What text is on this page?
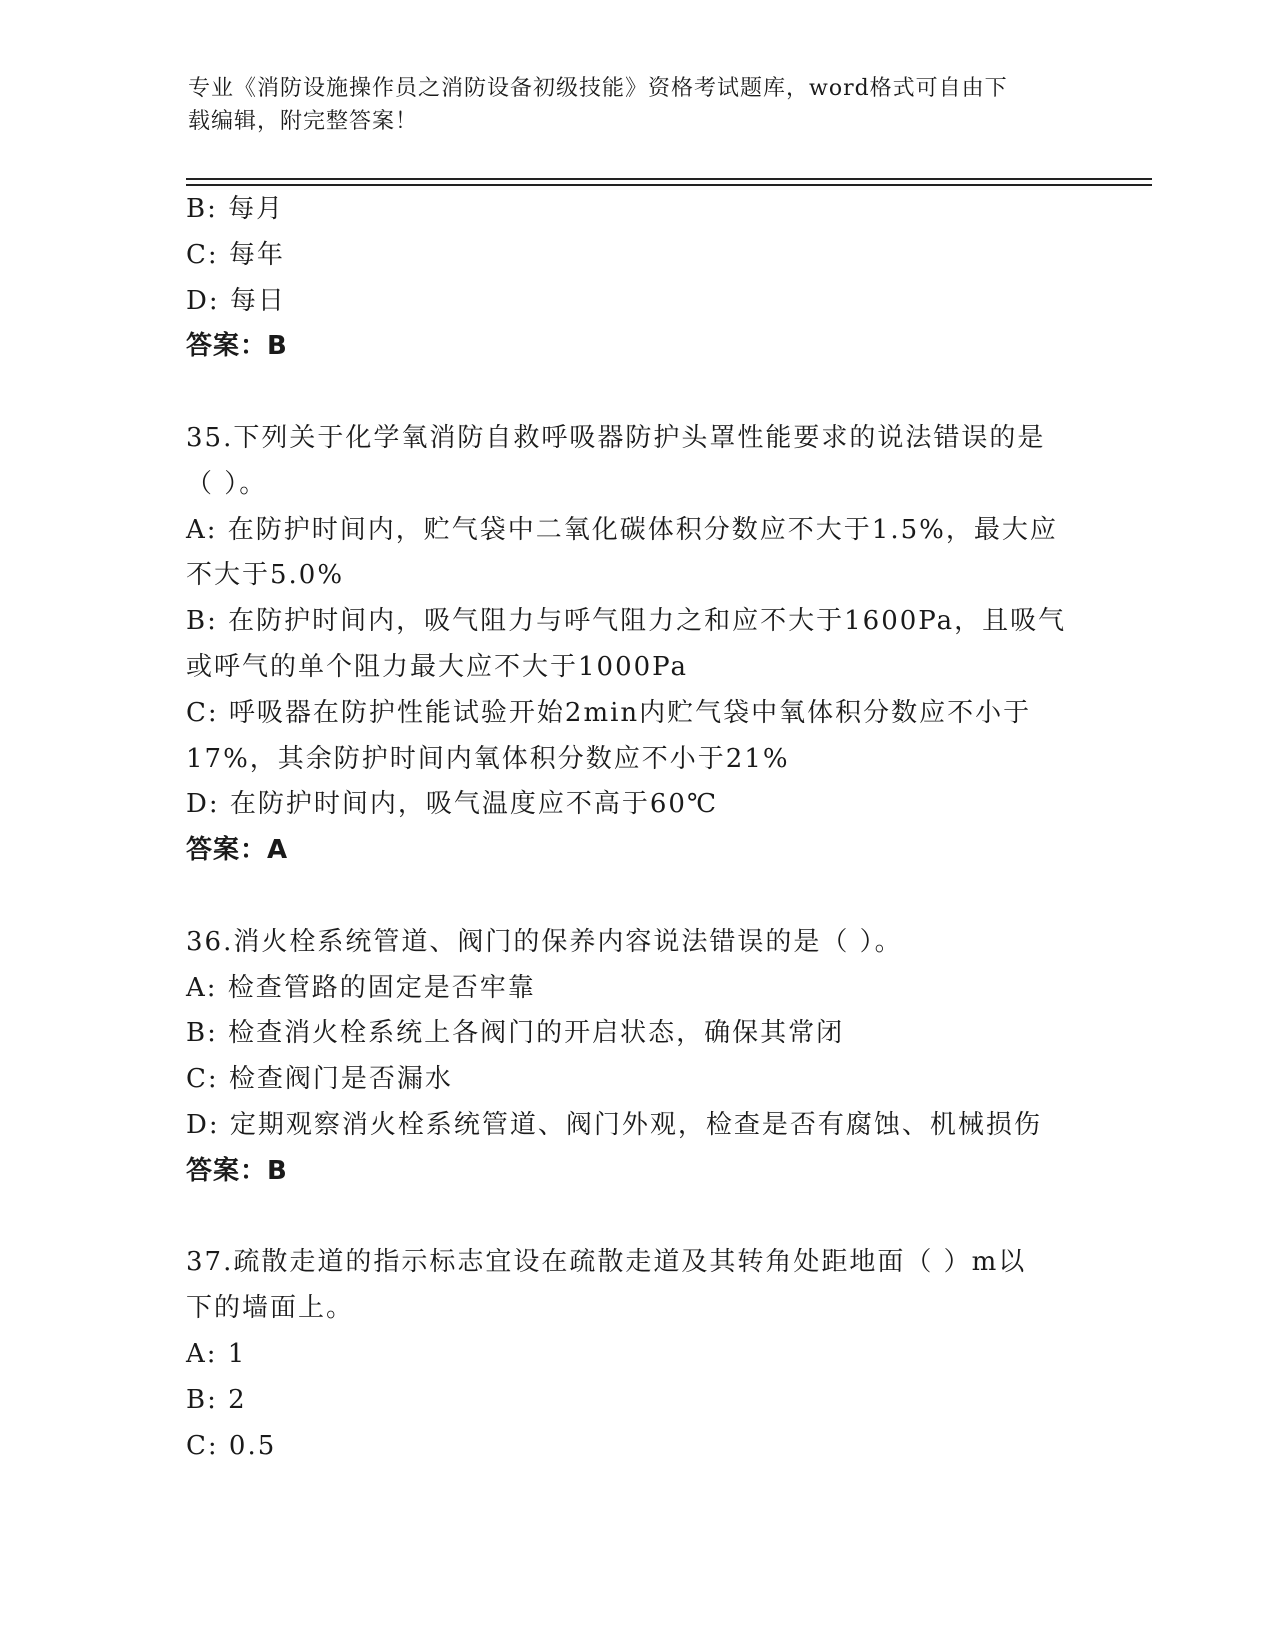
专业《消防设施操作员之消防设备初级技能》资格考试题库，word格式可自由下
载编辑，附完整答案！
B: 每月
C: 每年
D: 每日
答案：B
35.下列关于化学氧消防自救呼吸器防护头罩性能要求的说法错误的是
（ ）。
A: 在防护时间内，贮气袋中二氧化碳体积分数应不大于1.5%，最大应
不大于5.0%
B: 在防护时间内，吸气阻力与呼气阻力之和应不大于1600Pa，且吸气
或呼气的单个阻力最大应不大于1000Pa
C: 呼吸器在防护性能试验开始2min内贮气袋中氧体积分数应不小于
17%，其余防护时间内氧体积分数应不小于21%
D: 在防护时间内，吸气温度应不高于60℃
答案：A
36.消火栓系统管道、阀门的保养内容说法错误的是（ ）。
A: 检查管路的固定是否牢靠
B: 检查消火栓系统上各阀门的开启状态，确保其常闭
C: 检查阀门是否漏水
D: 定期观察消火栓系统管道、阀门外观，检查是否有腐蚀、机械损伤
答案：B
37.疏散走道的指示标志宜设在疏散走道及其转角处距地面（ ）m以
下的墙面上。
A: 1
B: 2
C: 0.5
